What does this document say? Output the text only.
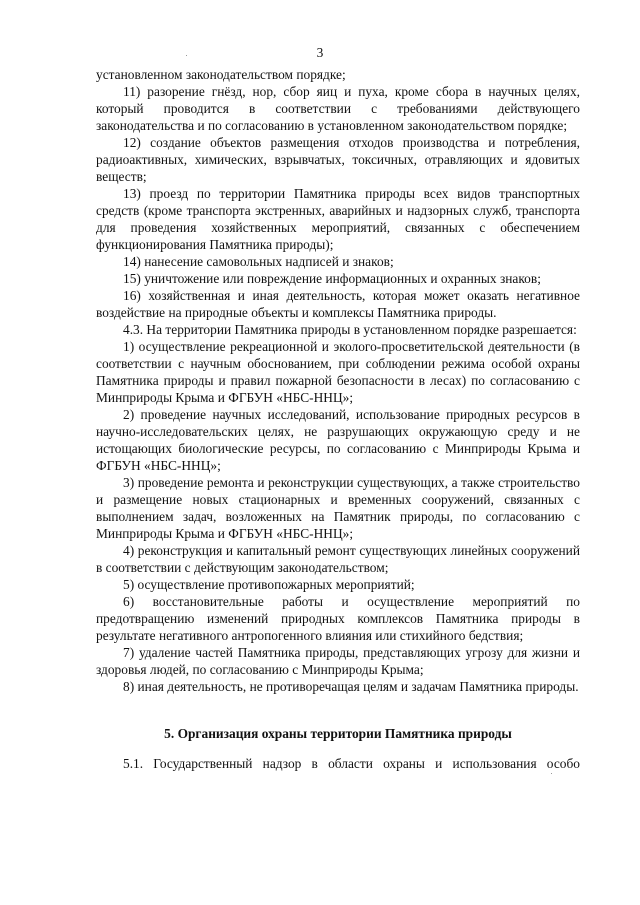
3

установленном законодательством порядке;

11) разорение гнёзд, нор, сбор яиц и пуха, кроме сбора в научных целях, который проводится в соответствии с требованиями действующего законодательства и по согласованию в установленном законодательством порядке;

12) создание объектов размещения отходов производства и потребления, радиоактивных, химических, взрывчатых, токсичных, отравляющих и ядовитых веществ;

13) проезд по территории Памятника природы всех видов транспортных средств (кроме транспорта экстренных, аварийных и надзорных служб, транспорта для проведения хозяйственных мероприятий, связанных с обеспечением функционирования Памятника природы);

14) нанесение самовольных надписей и знаков;

15) уничтожение или повреждение информационных и охранных знаков;

16) хозяйственная и иная деятельность, которая может оказать негативное воздействие на природные объекты и комплексы Памятника природы.

4.3. На территории Памятника природы в установленном порядке разрешается:

1) осуществление рекреационной и эколого-просветительской деятельности (в соответствии с научным обоснованием, при соблюдении режима особой охраны Памятника природы и правил пожарной безопасности в лесах) по согласованию с Минприроды Крыма и ФГБУН «НБС-ННЦ»;

2) проведение научных исследований, использование природных ресурсов в научно-исследовательских целях, не разрушающих окружающую среду и не истощающих биологические ресурсы, по согласованию с Минприроды Крыма и ФГБУН «НБС-ННЦ»;

3) проведение ремонта и реконструкции существующих, а также строительство и размещение новых стационарных и временных сооружений, связанных с выполнением задач, возложенных на Памятник природы, по согласованию с Минприроды Крыма и ФГБУН «НБС-ННЦ»;

4) реконструкция и капитальный ремонт существующих линейных сооружений в соответствии с действующим законодательством;

5) осуществление противопожарных мероприятий;

6) восстановительные работы и осуществление мероприятий по предотвращению изменений природных комплексов Памятника природы в результате негативного антропогенного влияния или стихийного бедствия;

7) удаление частей Памятника природы, представляющих угрозу для жизни и здоровья людей, по согласованию с Минприроды Крыма;

8) иная деятельность, не противоречащая целям и задачам Памятника природы.

5. Организация охраны территории Памятника природы

5.1. Государственный надзор в области охраны и использования особо
